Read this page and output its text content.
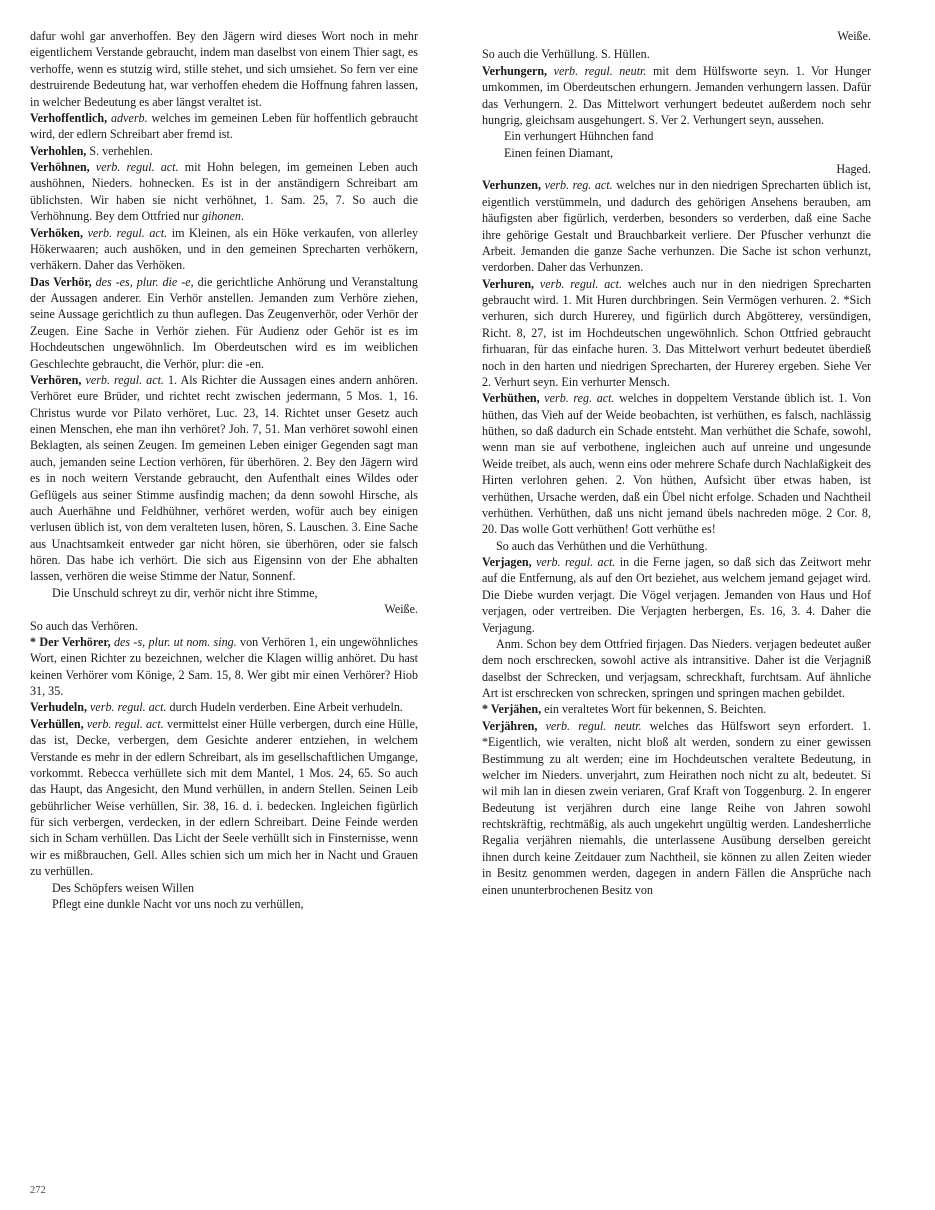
dafur wohl gar anverhoffen. Bey den Jägern wird dieses Wort noch in mehr eigentlichem Verstande gebraucht, indem man daselbst von einem Thier sagt, es verhoffe, wenn es stutzig wird, stille stehet, und sich umsiehet. So fern ver eine destruirende Bedeutung hat, war verhoffen ehedem die Hoffnung fahren lassen, in welcher Bedeutung es aber längst veraltet ist.

Verhoffentlich, adverb. welches im gemeinen Leben für hoffentlich gebraucht wird, der edlern Schreibart aber fremd ist.

Verhohlen, S. verhehlen.

Verhöhnen, verb. regul. act. mit Hohn belegen, im gemeinen Leben auch aushöhnen, Nieders. hohnecken. Es ist in der anständigern Schreibart am üblichsten. Wir haben sie nicht verhöhnet, 1. Sam. 25, 7. So auch die Verhöhnung. Bey dem Ottfried nur gihonen.

Verhöken, verb. regul. act. im Kleinen, als ein Höke verkaufen, von allerley Hökerwaaren; auch aushöken, und in den gemeinen Sprecharten verhökern, verhäkern. Daher das Verhöken.

Das Verhör, des -es, plur. die -e, die gerichtliche Anhörung und Veranstaltung der Aussagen anderer. Ein Verhör anstellen. Jemanden zum Verhöre ziehen, seine Aussage gerichtlich zu thun auflegen. Das Zeugenverhör, oder Verhör der Zeugen. Eine Sache in Verhör ziehen. Für Audienz oder Gehör ist es im Hochdeutschen ungewöhnlich. Im Oberdeutschen wird es im weiblichen Geschlechte gebraucht, die Verhör, plur: die -en.

Verhören, verb. regul. act. 1. Als Richter die Aussagen eines andern anhören. Verhöret eure Brüder, und richtet recht zwischen jedermann, 5 Mos. 1, 16. Christus wurde vor Pilato verhöret, Luc. 23, 14. Richtet unser Gesetz auch einen Menschen, ehe man ihn verhöret? Joh. 7, 51. Man verhöret sowohl einen Beklagten, als seinen Zeugen. Im gemeinen Leben einiger Gegenden sagt man auch, jemanden seine Lection verhören, für überhören. 2. Bey den Jägern wird es in noch weitern Verstande gebraucht, den Aufenthalt eines Wildes oder Geflügels aus seiner Stimme ausfindig machen; da denn sowohl Hirsche, als auch Auerhähne und Feldhühner, verhöret werden, wofür auch bey einigen verlusen üblich ist, von dem veralteten lusen, hören, S. Lauschen. 3. Eine Sache aus Unachtsamkeit entweder gar nicht hören, sie überhören, oder sie falsch hören. Das habe ich verhört. Die sich aus Eigensinn von der Ehe abhalten lassen, verhören die weise Stimme der Natur, Sonnenf.

Die Unschuld schreyt zu dir, verhör nicht ihre Stimme,

Weiße.

So auch das Verhören.

* Der Verhörer, des -s, plur. ut nom. sing. von Verhören 1, ein ungewöhnliches Wort, einen Richter zu bezeichnen, welcher die Klagen willig anhöret. Du hast keinen Verhörer vom Könige, 2 Sam. 15, 8. Wer gibt mir einen Verhörer? Hiob 31, 35.

Verhudeln, verb. regul. act. durch Hudeln verderben. Eine Arbeit verhudeln.

Verhüllen, verb. regul. act. vermittelst einer Hülle verbergen, durch eine Hülle, das ist, Decke, verbergen, dem Gesichte anderer entziehen, in welchem Verstande es mehr in der edlern Schreibart, als im gesellschaftlichen Umgange, vorkommt. Rebecca verhüllete sich mit dem Mantel, 1 Mos. 24, 65. So auch das Haupt, das Angesicht, den Mund verhüllen, in andern Stellen. Seinen Leib gebührlicher Weise verhüllen, Sir. 38, 16. d. i. bedecken. Ingleichen figürlich für sich verbergen, verdecken, in der edlern Schreibart. Deine Feinde werden sich in Scham verhüllen. Das Licht der Seele verhüllt sich in Finsternisse, wenn wir es mißbrauchen, Gell. Alles schien sich um mich her in Nacht und Grauen zu verhüllen.

Des Schöpfers weisen Willen

Pflegt eine dunkle Nacht vor uns noch zu verhüllen,

Weiße.

So auch die Verhüllung. S. Hüllen.

Verhungern, verb. regul. neutr. mit dem Hülfsworte seyn. 1. Vor Hunger umkommen, im Oberdeutschen erhungern. Jemanden verhungern lassen. Dafür das Verhungern. 2. Das Mittelwort verhungert bedeutet außerdem noch sehr hungrig, gleichsam ausgehungert. S. Ver 2. Verhungert seyn, aussehen.

Ein verhungert Hühnchen fand

Einen feinen Diamant,

Haged.

Verhunzen, verb. reg. act. welches nur in den niedrigen Sprecharten üblich ist, eigentlich verstümmeln, und dadurch des gehörigen Ansehens berauben, am häufigsten aber figürlich, verderben, besonders so verderben, daß eine Sache ihre gehörige Gestalt und Brauchbarkeit verliere. Der Pfuscher verhunzt die Arbeit. Jemanden die ganze Sache verhunzen. Die Sache ist schon verhunzt, verdorben. Daher das Verhunzen.

Verhuren, verb. regul. act. welches auch nur in den niedrigen Sprecharten gebraucht wird. 1. Mit Huren durchbringen. Sein Vermögen verhuren. 2. *Sich verhuren, sich durch Hurerey, und figürlich durch Abgötterey, versündigen, Richt. 8, 27, ist im Hochdeutschen ungewöhnlich. Schon Ottfried gebraucht firhuaran, für das einfache huren. 3. Das Mittelwort verhurt bedeutet überdieß noch in den harten und niedrigen Sprecharten, der Hurerey ergeben. Siehe Ver 2. Verhurt seyn. Ein verhurter Mensch.

Verhüthen, verb. reg. act. welches in doppeltem Verstande üblich ist. 1. Von hüthen, das Vieh auf der Weide beobachten, ist verhüthen, es falsch, nachlässig hüthen, so daß dadurch ein Schade entsteht. Man verhüthet die Schafe, sowohl, wenn man sie auf verbothene, ingleichen auch auf unreine und ungesunde Weide treibet, als auch, wenn eins oder mehrere Schafe durch Nachlaßigkeit des Hirten verlohren gehen. 2. Von hüthen, Aufsicht über etwas haben, ist verhüthen, Ursache werden, daß ein Übel nicht erfolge. Schaden und Nachtheil verhüthen. Verhüthen, daß uns nicht jemand übels nachreden möge. 2 Cor. 8, 20. Das wolle Gott verhüthen! Gott verhüthe es!

So auch das Verhüthen und die Verhüthung.

Verjagen, verb. regul. act. in die Ferne jagen, so daß sich das Zeitwort mehr auf die Entfernung, als auf den Ort beziehet, aus welchem jemand gejaget wird. Die Diebe wurden verjagt. Die Vögel verjagen. Jemanden von Haus und Hof verjagen, oder vertreiben. Die Verjagten herbergen, Es. 16, 3. 4. Daher die Verjagung.

Anm. Schon bey dem Ottfried firjagen. Das Nieders. verjagen bedeutet außer dem noch erschrecken, sowohl active als intransitive. Daher ist die Verjagniß daselbst der Schrecken, und verjagsam, schreckhaft, furchtsam. Auf ähnliche Art ist erschrecken von schrecken, springen und springen machen gebildet.

* Verjähen, ein veraltetes Wort für bekennen, S. Beichten.

Verjähren, verb. regul. neutr. welches das Hülfswort seyn erfordert. 1. *Eigentlich, wie veralten, nicht bloß alt werden, sondern zu einer gewissen Bestimmung zu alt werden; eine im Hochdeutschen veraltete Bedeutung, in welcher im Nieders. unverjahrt, zum Heirathen noch nicht zu alt, bedeutet. Si wil mih lan in diesen zwein veriaren, Graf Kraft von Toggenburg. 2. In engerer Bedeutung ist verjähren durch eine lange Reihe von Jahren sowohl rechtskräftig, rechtmäßig, als auch ungekehrt ungültig werden. Landesherrliche Regalia verjähren niemahls, die unterlassene Ausübung derselben gereicht ihnen durch keine Zeitdauer zum Nachtheil, sie können zu allen Zeiten wieder in Besitz genommen werden, dagegen in andern Fällen die Ansprüche nach einen ununterbrochenen Besitz von

272
